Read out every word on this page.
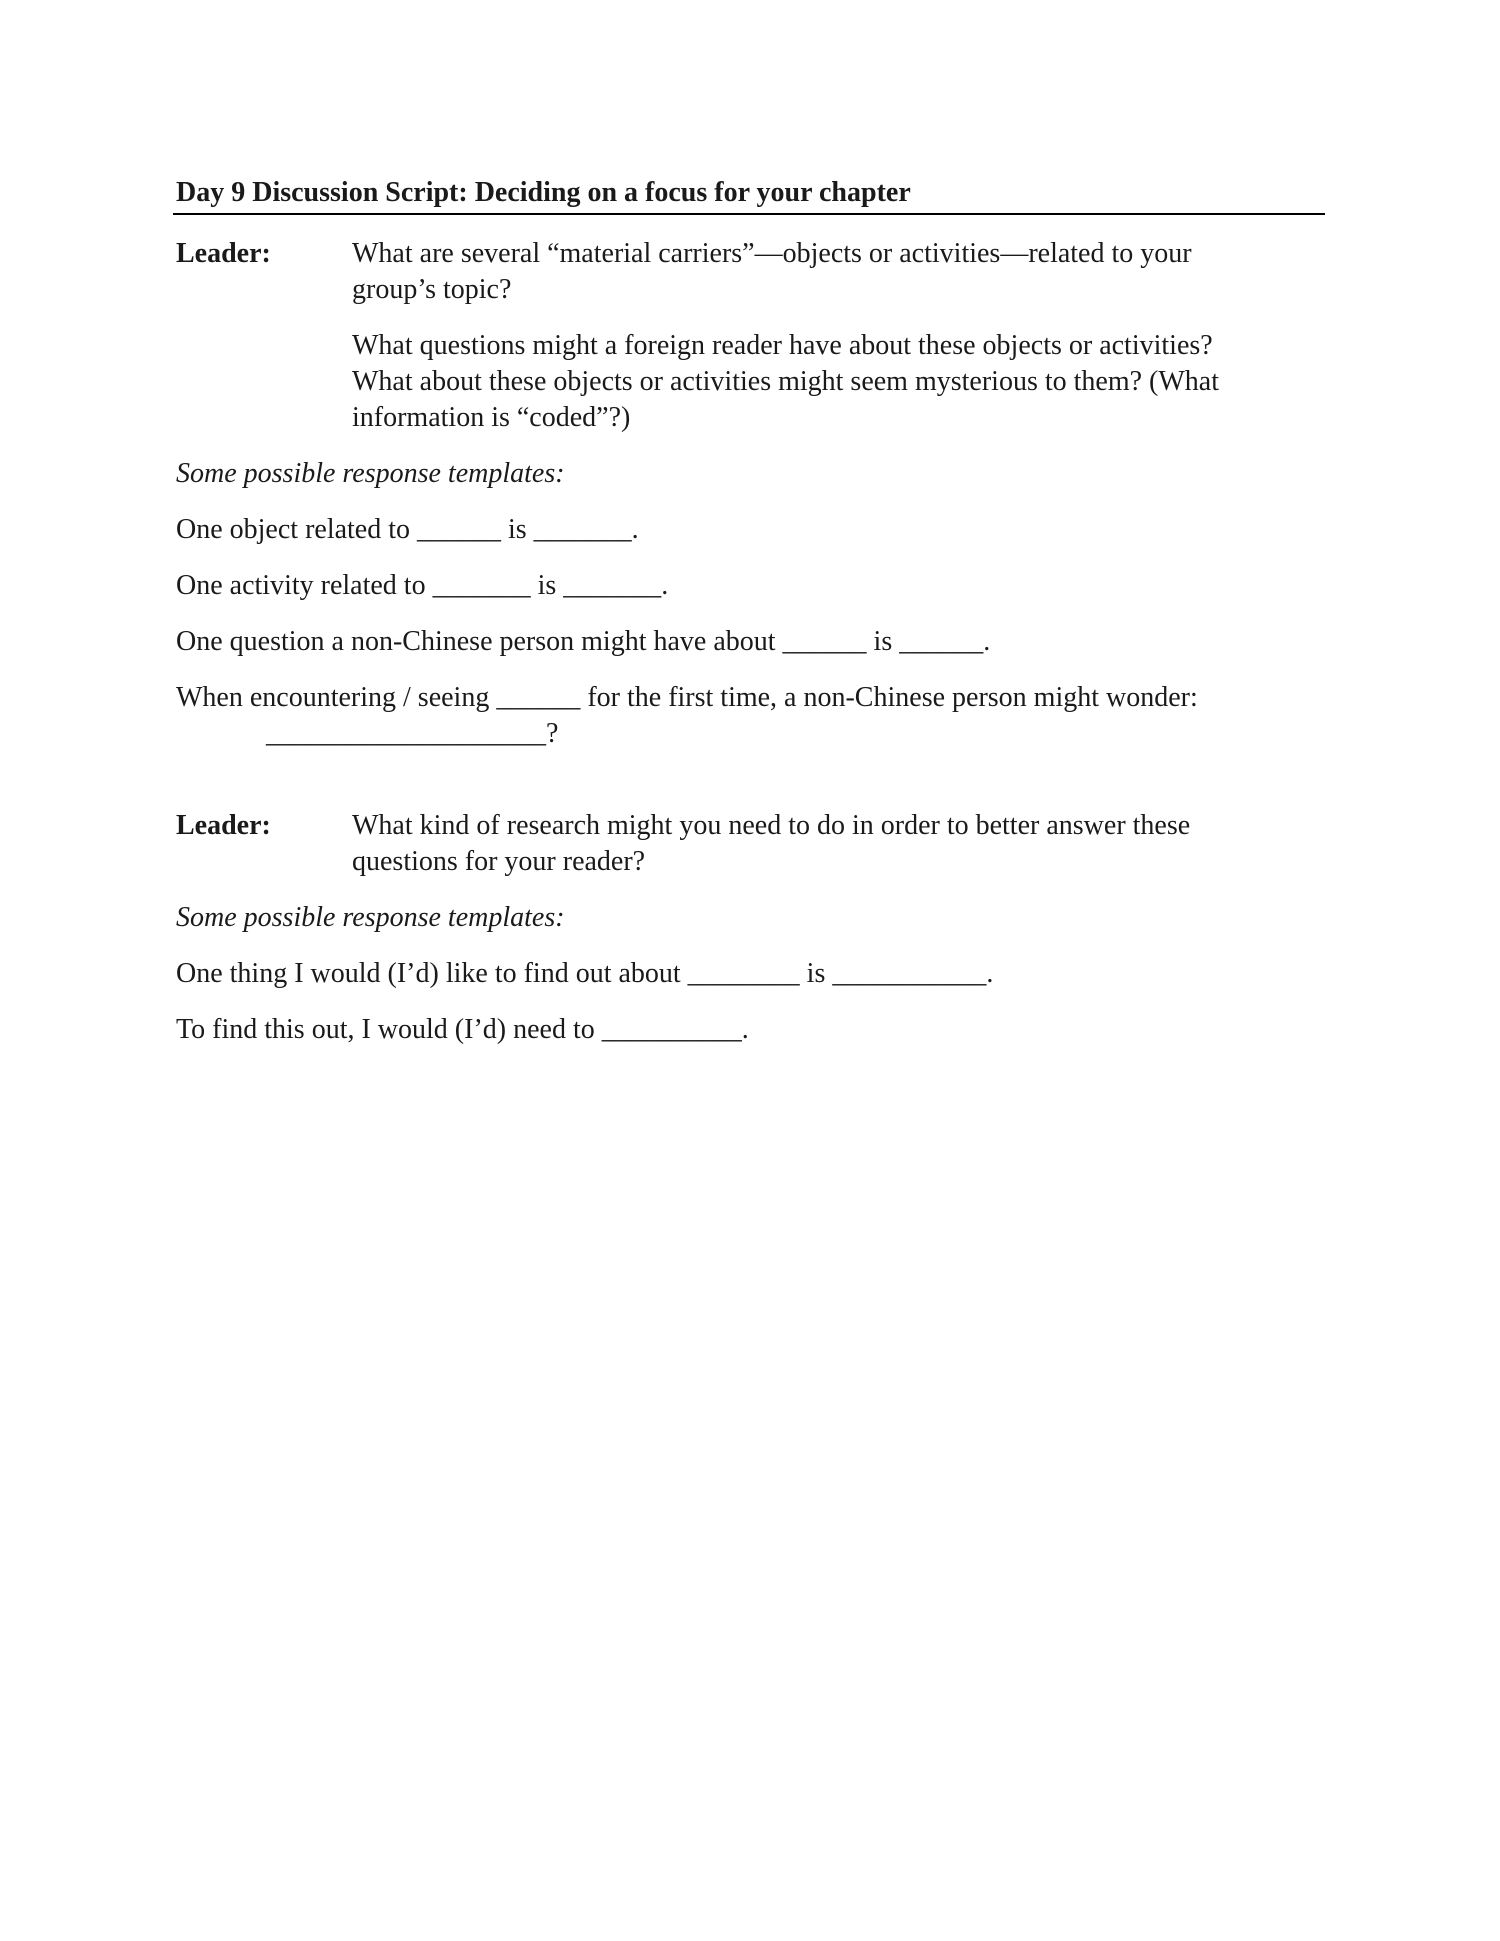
Day 9 Discussion Script: Deciding on a focus for your chapter
Leader:	What are several “material carriers”—objects or activities—related to your
group’s topic?
What questions might a foreign reader have about these objects or activities?
What about these objects or activities might seem mysterious to them? (What
information is “coded”?)
Some possible response templates:
One object related to ______ is _______.
One activity related to _______ is _______.
One question a non-Chinese person might have about ______ is ______.
When encountering / seeing ______ for the first time, a non-Chinese person might wonder:
____________________?
Leader:	What kind of research might you need to do in order to better answer these
questions for your reader?
Some possible response templates:
One thing I would (I’d) like to find out about ________ is ___________.
To find this out, I would (I’d) need to __________.
